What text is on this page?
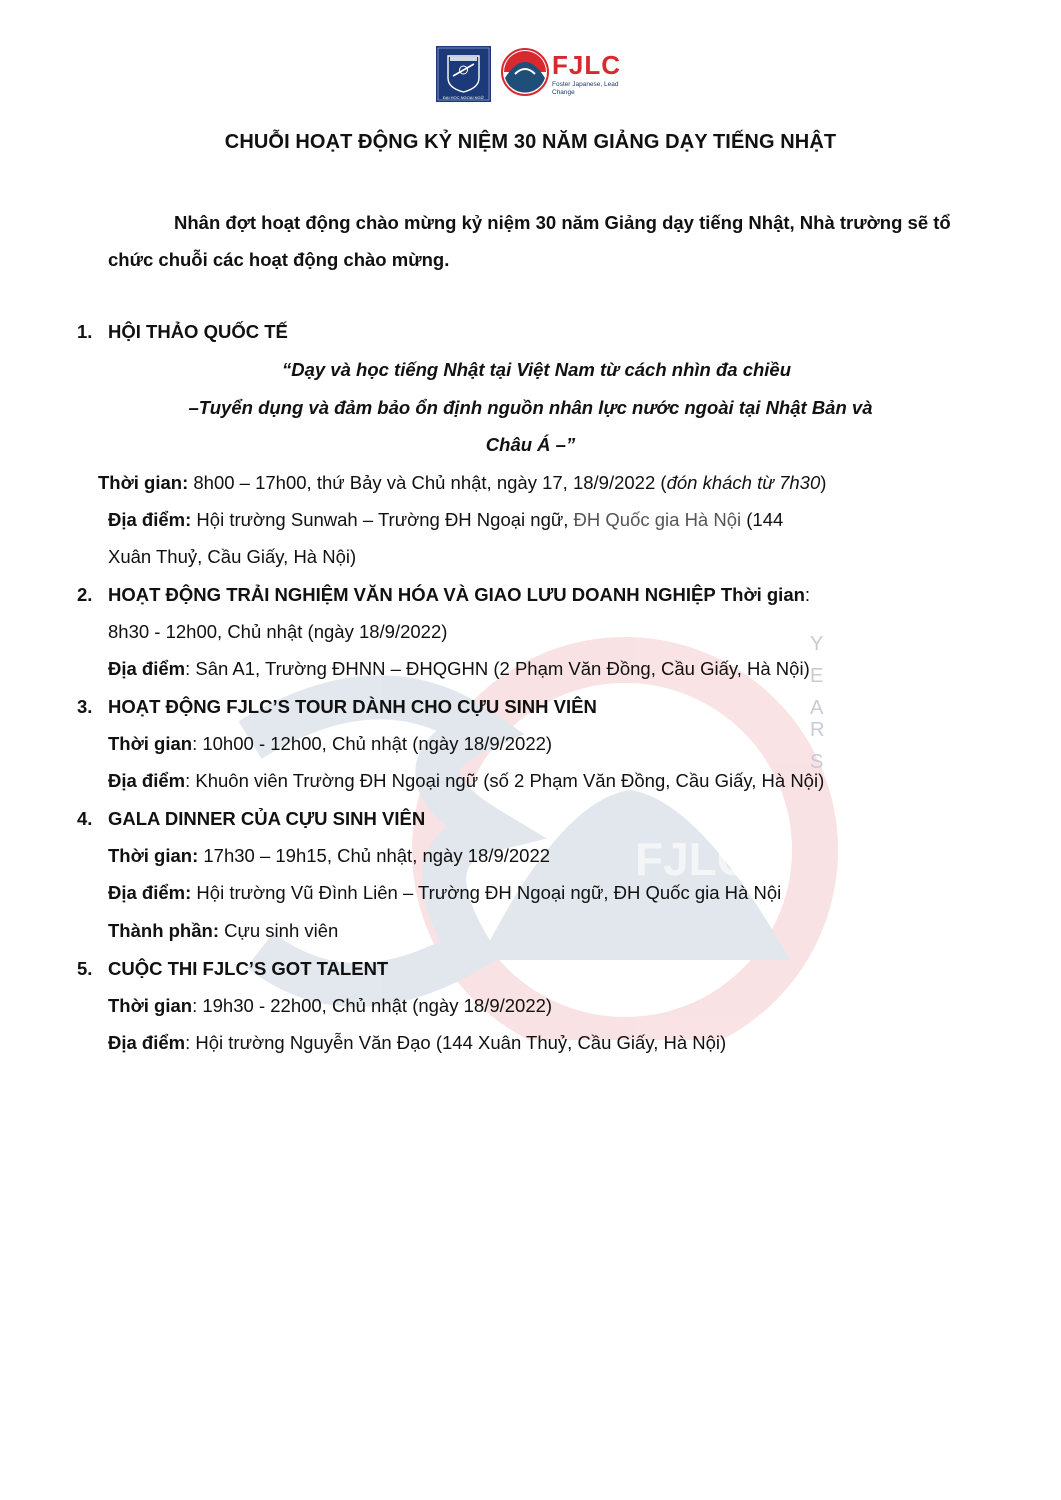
FJLC
Y
E
A
R
S
ĐẠI HỌC NGOẠI NGỮ
FJLC
Foster Japanese, Lead Change
CHUỖI HOẠT ĐỘNG KỶ NIỆM 30 NĂM GIẢNG DẠY TIẾNG NHẬT
Nhân đợt hoạt động chào mừng kỷ niệm 30 năm Giảng dạy tiếng Nhật, Nhà trường sẽ tổ chức chuỗi các hoạt động chào mừng.
1. HỘI THẢO QUỐC TẾ
“Dạy và học tiếng Nhật tại Việt Nam từ cách nhìn đa chiều
–Tuyển dụng và đảm bảo ổn định nguồn nhân lực nước ngoài tại Nhật Bản và
Châu Á –”
Thời gian: 8h00 – 17h00, thứ Bảy và Chủ nhật, ngày 17, 18/9/2022 (đón khách từ 7h30)
Địa điểm: Hội trường Sunwah – Trường ĐH Ngoại ngữ, ĐH Quốc gia Hà Nội (144
Xuân Thuỷ, Cầu Giấy, Hà Nội)
2. HOẠT ĐỘNG TRẢI NGHIỆM VĂN HÓA VÀ GIAO LƯU DOANH NGHIỆP Thời gian:
8h30 - 12h00, Chủ nhật (ngày 18/9/2022)
Địa điểm: Sân A1, Trường ĐHNN – ĐHQGHN (2 Phạm Văn Đồng, Cầu Giấy, Hà Nội)
3. HOẠT ĐỘNG FJLC’S TOUR DÀNH CHO CỰU SINH VIÊN
Thời gian: 10h00 - 12h00, Chủ nhật (ngày 18/9/2022)
Địa điểm: Khuôn viên Trường ĐH Ngoại ngữ (số 2 Phạm Văn Đồng, Cầu Giấy, Hà Nội)
4. GALA DINNER CỦA CỰU SINH VIÊN
Thời gian: 17h30 – 19h15, Chủ nhật, ngày 18/9/2022
Địa điểm: Hội trường Vũ Đình Liên – Trường ĐH Ngoại ngữ, ĐH Quốc gia Hà Nội
Thành phần: Cựu sinh viên
5. CUỘC THI FJLC’S GOT TALENT
Thời gian: 19h30 - 22h00, Chủ nhật (ngày 18/9/2022)
Địa điểm: Hội trường Nguyễn Văn Đạo (144 Xuân Thuỷ, Cầu Giấy, Hà Nội)
